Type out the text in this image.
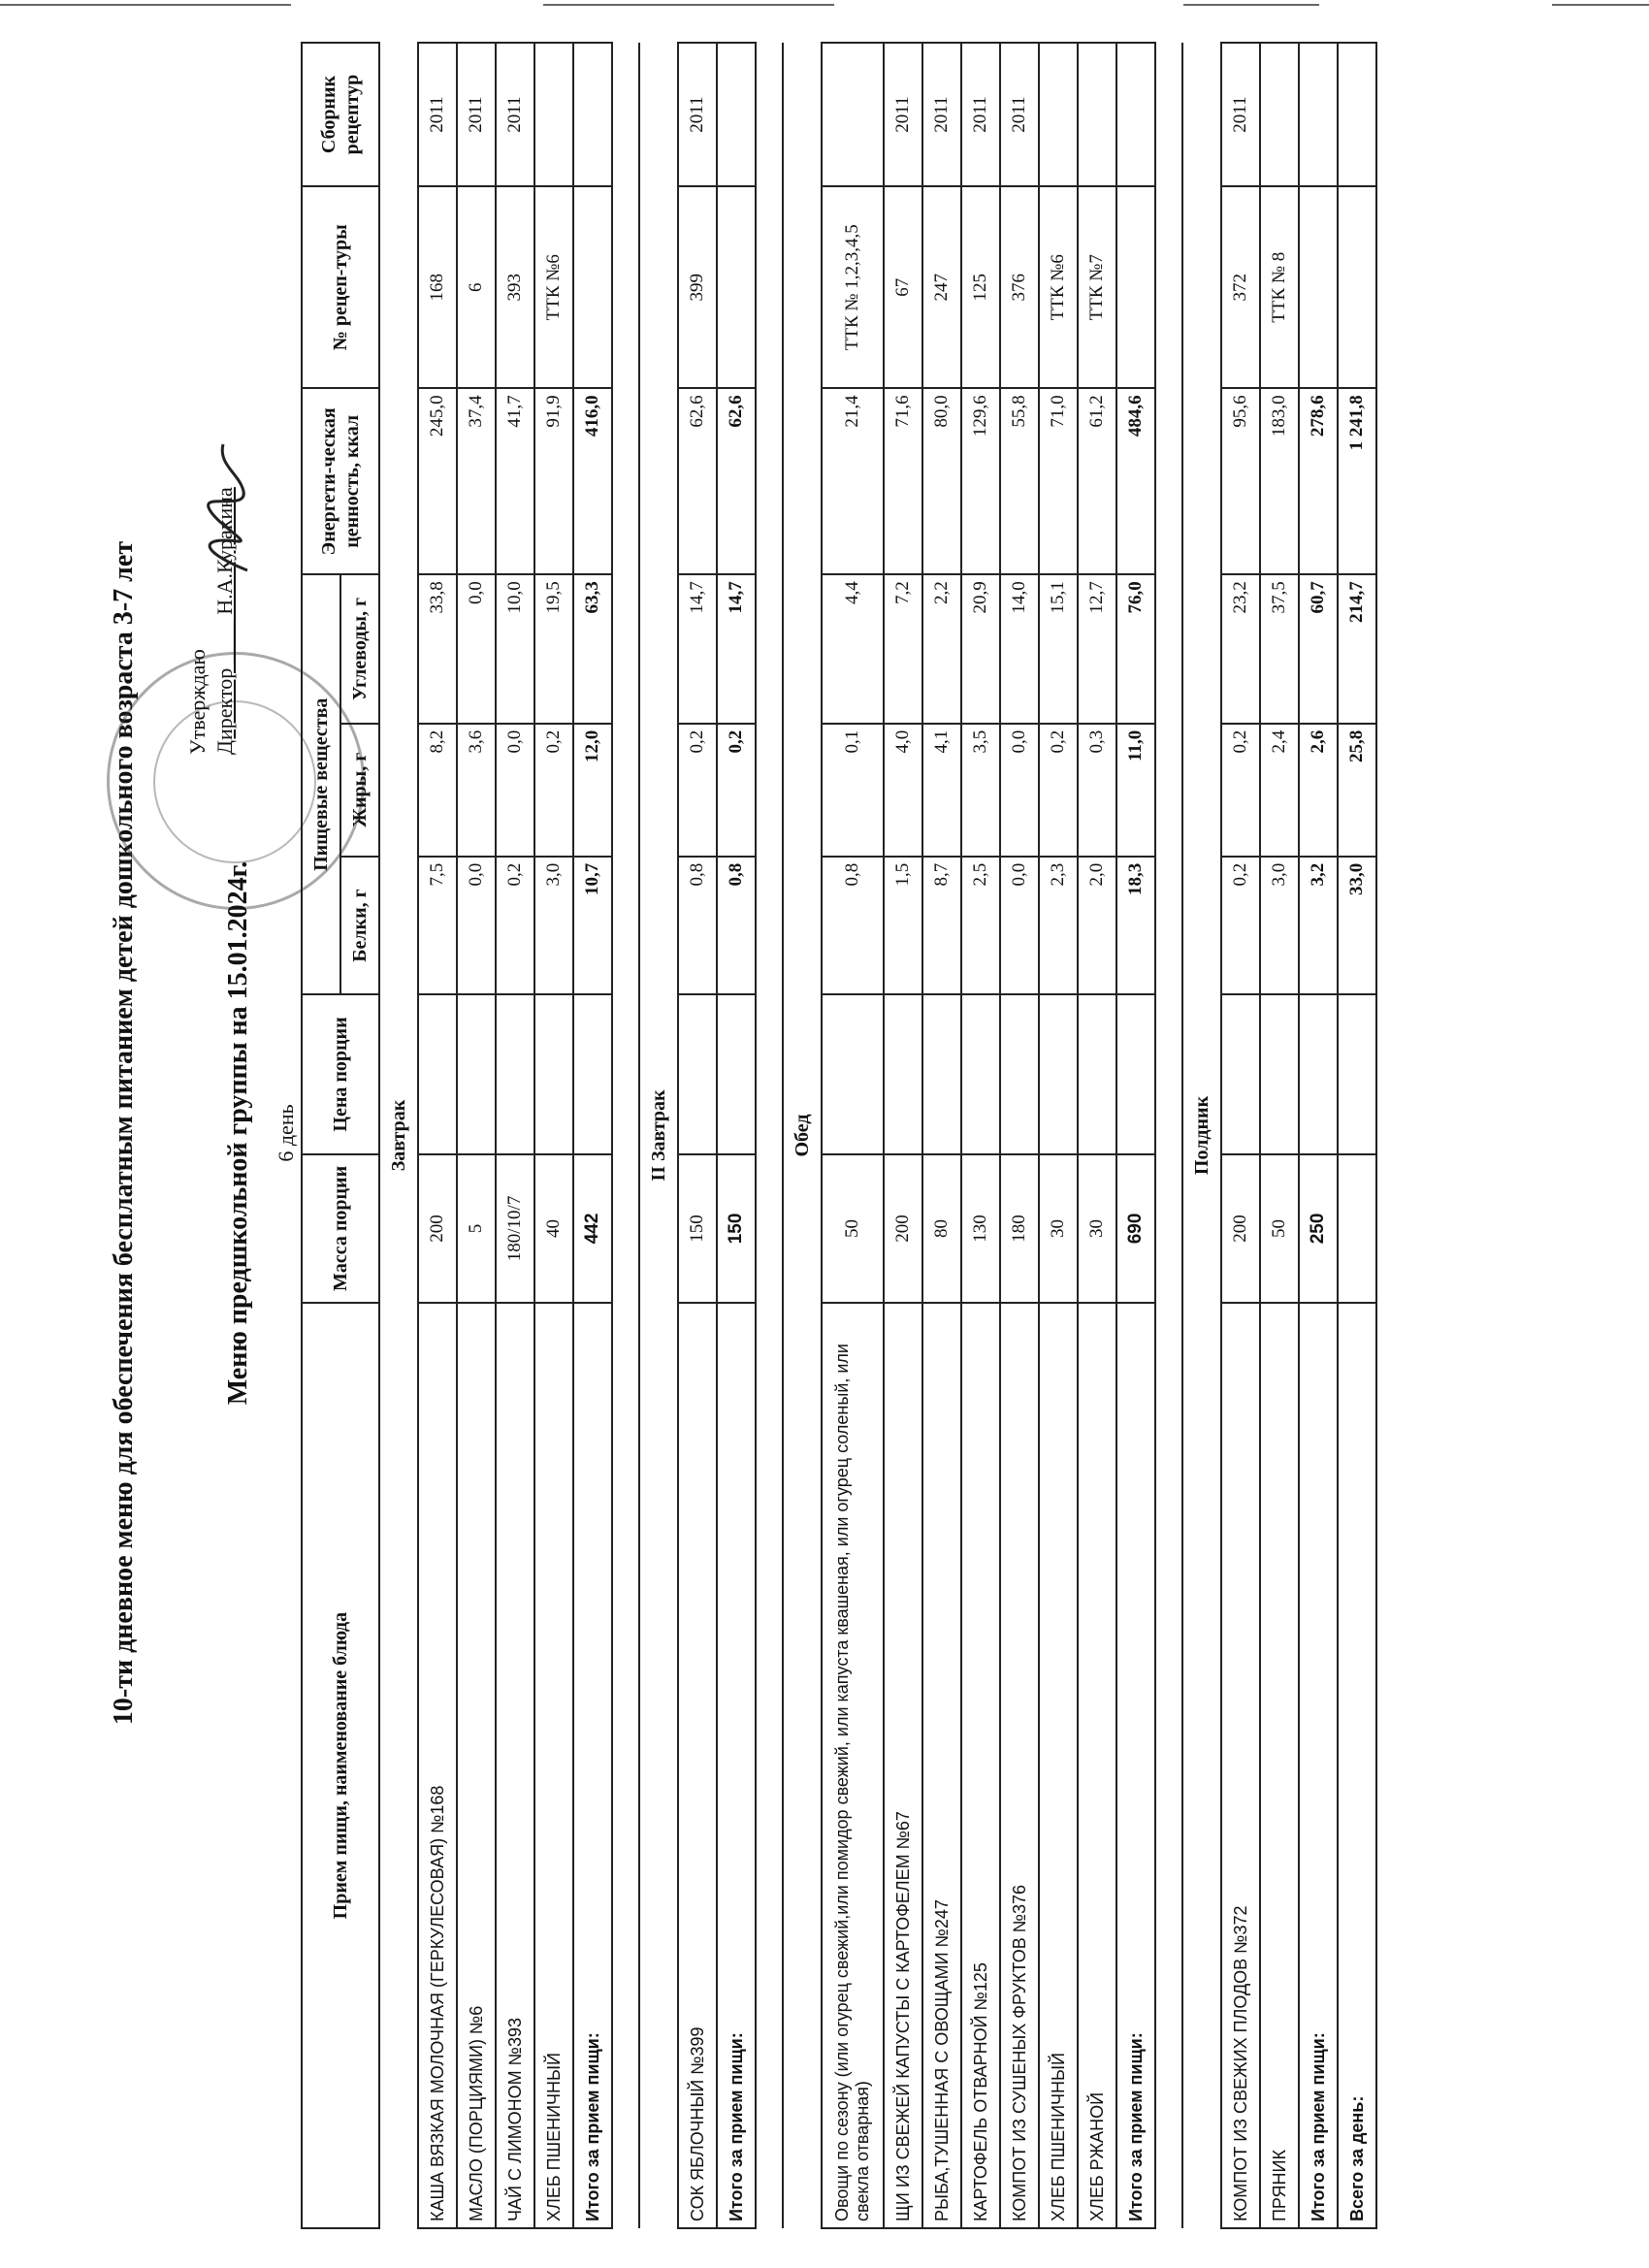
10-ти дневное меню для обеспечения бесплатным питанием детей дошкольного возраста 3-7 лет Утверждаю Директор ____ Н.А.Куракина
Меню предшкольной группы на 15.01.2024г. 6 день
Прием пищи, наименование блюда	Масса порции	Цена порции	Пищевые вещества			Энергети-ческая ценность, ккал	№ рецеп-туры	Сборник рецептур
			Белки, г	Жиры, г	Углеводы, г			
Завтрак								
КАША ВЯЗКАЯ МОЛОЧНАЯ (ГЕРКУЛЕСОВАЯ) №168	200		7,5	8,2	33,8	245,0	168	2011
МАСЛО (ПОРЦИЯМИ) №6	5		0,0	3,6	0,0	37,4	6	2011
ЧАЙ С ЛИМОНОМ №393	180/10/7		0,2	0,0	10,0	41,7	393	2011
ХЛЕБ ПШЕНИЧНЫЙ	40		3,0	0,2	19,5	91,9	ТТК №6	
Итого за прием пищи:	442		10,7	12,0	63,3	416,0		

II Завтрак								
СОК ЯБЛОЧНЫЙ №399	150		0,8	0,2	14,7	62,6	399	2011
Итого за прием пищи:	150		0,8	0,2	14,7	62,6		

Обед								
Овощи по сезону (или огурец свежий,или помидор свежий, или капуста квашеная, или огурец соленый, или свекла отварная)	50		0,8	0,1	4,4	21,4	ТТК № 1,2,3,4,5	
ЩИ ИЗ СВЕЖЕЙ КАПУСТЫ С КАРТОФЕЛЕМ №67	200		1,5	4,0	7,2	71,6	67	2011
РЫБА,ТУШЕННАЯ С ОВОЩАМИ №247	80		8,7	4,1	2,2	80,0	247	2011
КАРТОФЕЛЬ ОТВАРНОЙ №125	130		2,5	3,5	20,9	129,6	125	2011
КОМПОТ ИЗ СУШЕНЫХ ФРУКТОВ №376	180		0,0	0,0	14,0	55,8	376	2011
ХЛЕБ ПШЕНИЧНЫЙ	30		2,3	0,2	15,1	71,0	ТТК №6	
ХЛЕБ РЖАНОЙ	30		2,0	0,3	12,7	61,2	ТТК №7	
Итого за прием пищи:	690		18,3	11,0	76,0	484,6		

Полдник								
КОМПОТ ИЗ СВЕЖИХ ПЛОДОВ №372	200		0,2	0,2	23,2	95,6	372	2011
ПРЯНИК	50		3,0	2,4	37,5	183,0	ТТК № 8	
Итого за прием пищи:	250		3,2	2,6	60,7	278,6		
Всего за день:			33,0	25,8	214,7	1 241,8		
